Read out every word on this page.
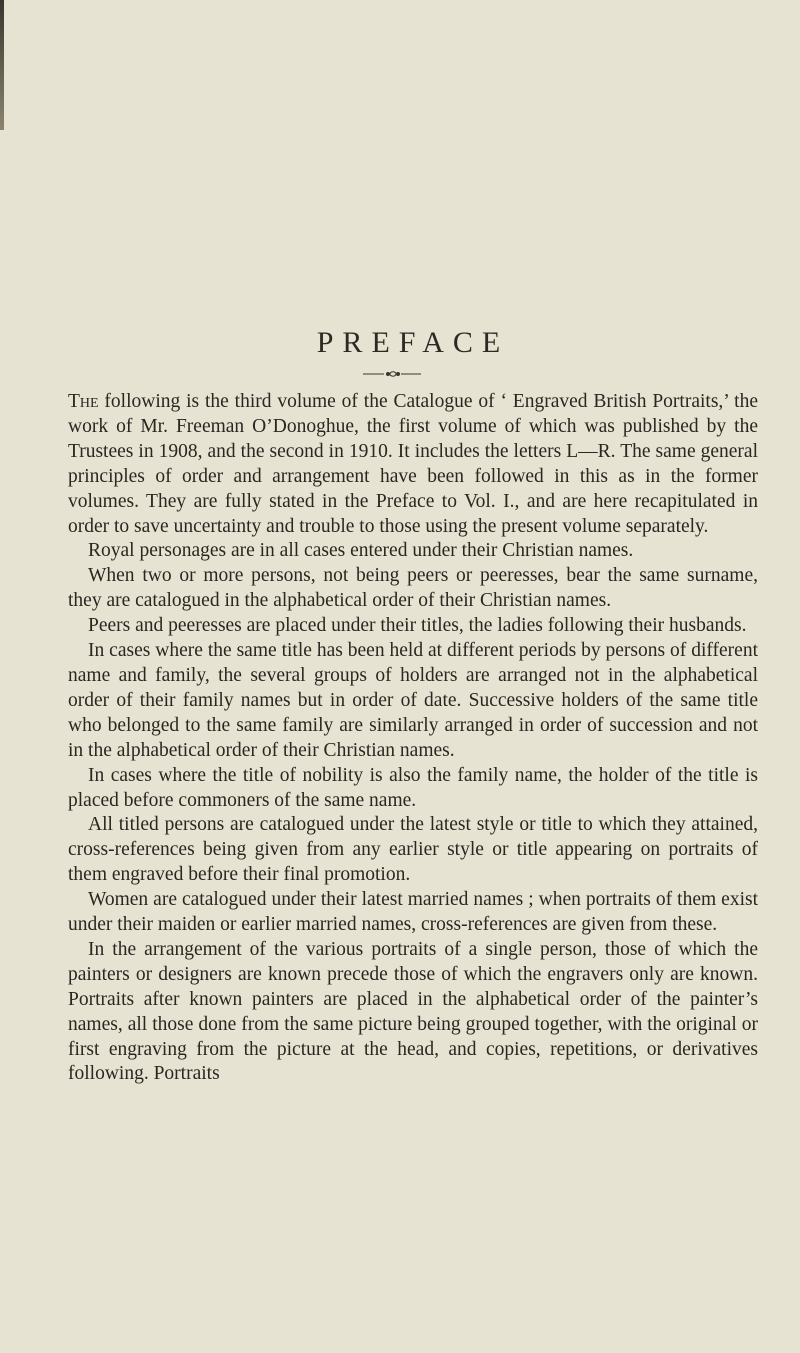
PREFACE

The following is the third volume of the Catalogue of ‘ Engraved British Portraits,’ the work of Mr. Freeman O’Donoghue, the first volume of which was published by the Trustees in 1908, and the second in 1910. It includes the letters L—R. The same general principles of order and arrangement have been followed in this as in the former volumes. They are fully stated in the Preface to Vol. I., and are here recapitulated in order to save uncertainty and trouble to those using the present volume separately.

Royal personages are in all cases entered under their Christian names.

When two or more persons, not being peers or peeresses, bear the same surname, they are catalogued in the alphabetical order of their Christian names.

Peers and peeresses are placed under their titles, the ladies following their husbands.

In cases where the same title has been held at different periods by persons of different name and family, the several groups of holders are arranged not in the alphabetical order of their family names but in order of date. Successive holders of the same title who belonged to the same family are similarly arranged in order of succession and not in the alphabetical order of their Christian names.

In cases where the title of nobility is also the family name, the holder of the title is placed before commoners of the same name.

All titled persons are catalogued under the latest style or title to which they attained, cross-references being given from any earlier style or title appearing on portraits of them engraved before their final promotion.

Women are catalogued under their latest married names ; when portraits of them exist under their maiden or earlier married names, cross-references are given from these.

In the arrangement of the various portraits of a single person, those of which the painters or designers are known precede those of which the engravers only are known. Portraits after known painters are placed in the alphabetical order of the painter’s names, all those done from the same picture being grouped together, with the original or first engraving from the picture at the head, and copies, repetitions, or derivatives following. Portraits
